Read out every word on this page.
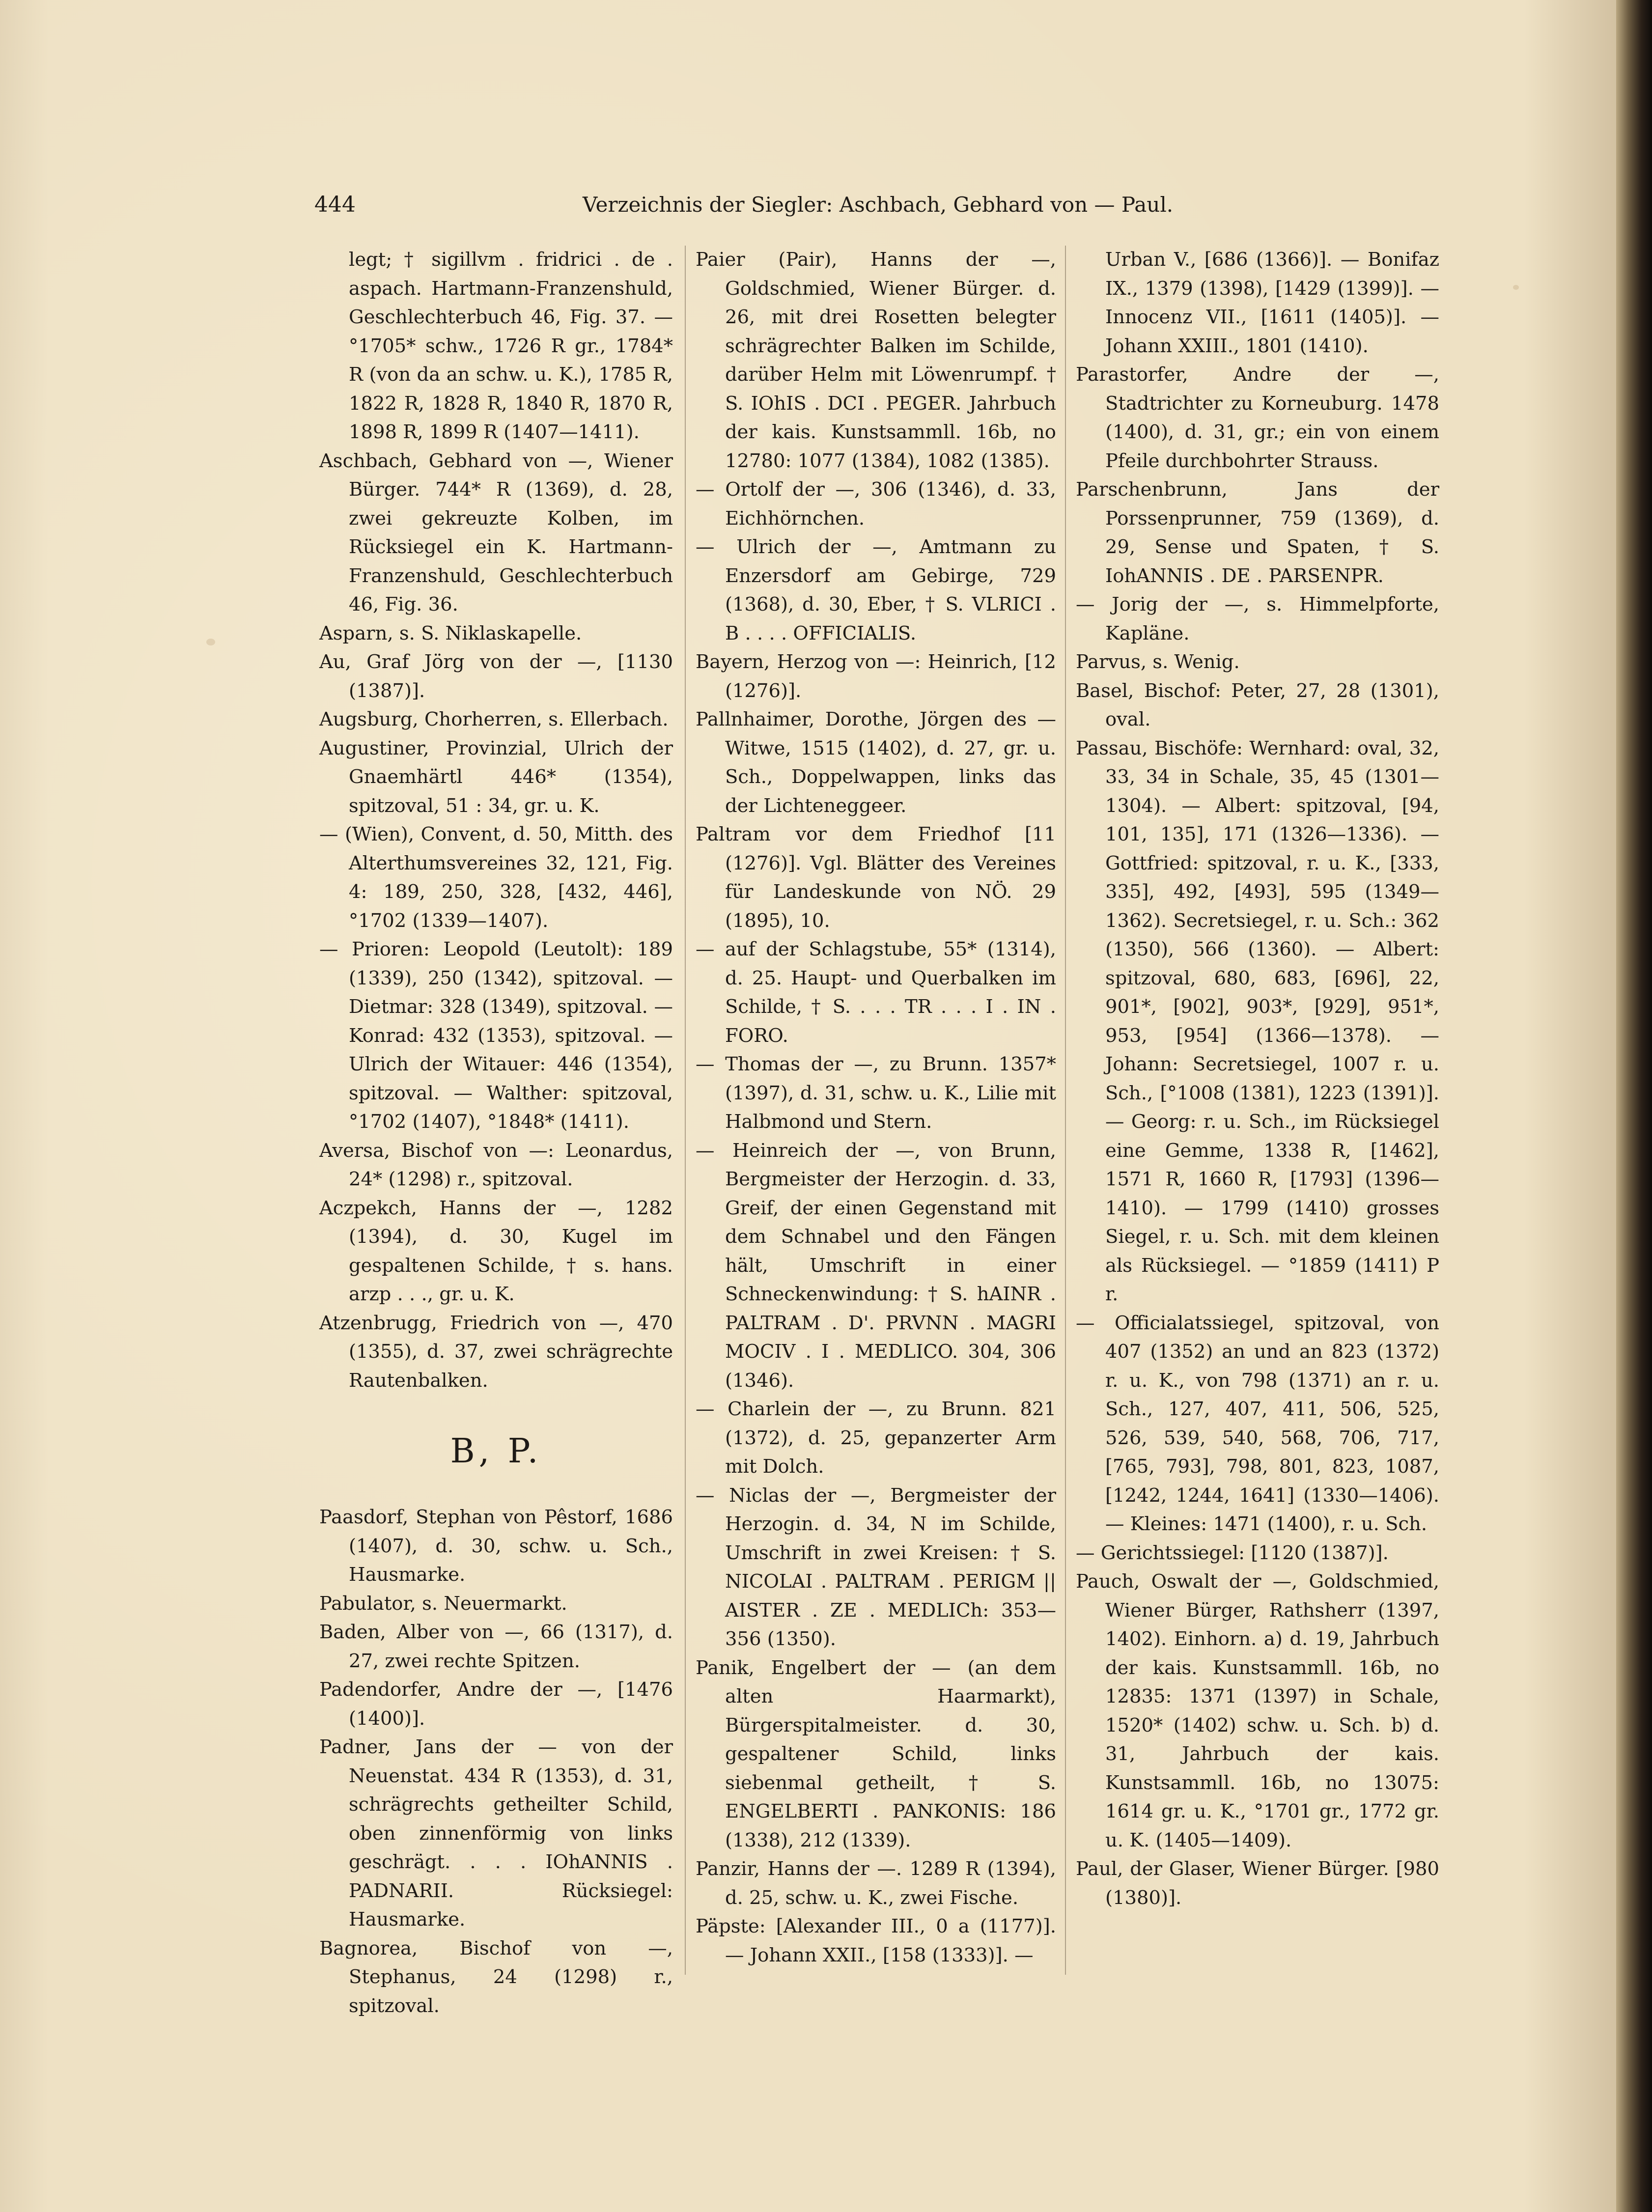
444	Verzeichnis der Siegler: Aschbach, Gebhard von — Paul.

legt; † sigillvm . fridrici . de . aspach. Hartmann-Franzenshuld, Geschlechterbuch 46, Fig. 37. — °1705* schw., 1726 R gr., 1784* R (von da an schw. u. K.), 1785 R, 1822 R, 1828 R, 1840 R, 1870 R, 1898 R, 1899 R (1407—1411).

Aschbach, Gebhard von —, Wiener Bürger. 744* R (1369), d. 28, zwei gekreuzte Kolben, im Rücksiegel ein K. Hartmann-Franzenshuld, Geschlechterbuch 46, Fig. 36.

Asparn, s. S. Niklaskapelle.

Au, Graf Jörg von der —, [1130 (1387)].

Augsburg, Chorherren, s. Ellerbach.

Augustiner, Provinzial, Ulrich der Gnaemhärtl 446* (1354), spitzoval, 51 : 34, gr. u. K.

— (Wien), Convent, d. 50, Mitth. des Alterthumsvereines 32, 121, Fig. 4: 189, 250, 328, [432, 446], °1702 (1339—1407).

— Prioren: Leopold (Leutolt): 189 (1339), 250 (1342), spitzoval. — Dietmar: 328 (1349), spitzoval. — Konrad: 432 (1353), spitzoval. — Ulrich der Witauer: 446 (1354), spitzoval. — Walther: spitzoval, °1702 (1407), °1848* (1411).

Aversa, Bischof von —: Leonardus, 24* (1298) r., spitzoval.

Aczpekch, Hanns der —, 1282 (1394), d. 30, Kugel im gespaltenen Schilde, † s. hans. arzp . . ., gr. u. K.

Atzenbrugg, Friedrich von —, 470 (1355), d. 37, zwei schrägrechte Rautenbalken.

B, P.

Paasdorf, Stephan von Pêstorf, 1686 (1407), d. 30, schw. u. Sch., Hausmarke.

Pabulator, s. Neuermarkt.

Baden, Alber von —, 66 (1317), d. 27, zwei rechte Spitzen.

Padendorfer, Andre der —, [1476 (1400)].

Padner, Jans der — von der Neuenstat. 434 R (1353), d. 31, schrägrechts getheilter Schild, oben zinnenförmig von links geschrägt. . . . IOhANNIS . PADNARII. Rücksiegel: Hausmarke.

Bagnorea, Bischof von —, Stephanus, 24 (1298) r., spitzoval.

Paier (Pair), Hanns der —, Goldschmied, Wiener Bürger. d. 26, mit drei Rosetten belegter schrägrechter Balken im Schilde, darüber Helm mit Löwenrumpf. † S. IOhIS . DCI . PEGER. Jahrbuch der kais. Kunstsammll. 16b, no 12780: 1077 (1384), 1082 (1385).

— Ortolf der —, 306 (1346), d. 33, Eichhörnchen.

— Ulrich der —, Amtmann zu Enzersdorf am Gebirge, 729 (1368), d. 30, Eber, † S. VLRICI . B . . . . OFFICIALIS.

Bayern, Herzog von —: Heinrich, [12 (1276)].

Pallnhaimer, Dorothe, Jörgen des — Witwe, 1515 (1402), d. 27, gr. u. Sch., Doppelwappen, links das der Lichteneggeer.

Paltram vor dem Friedhof [11 (1276)]. Vgl. Blätter des Vereines für Landeskunde von NÖ. 29 (1895), 10.

— auf der Schlagstube, 55* (1314), d. 25. Haupt- und Querbalken im Schilde, † S. . . . TR . . . I . IN . FORO.

— Thomas der —, zu Brunn. 1357* (1397), d. 31, schw. u. K., Lilie mit Halbmond und Stern.

— Heinreich der —, von Brunn, Bergmeister der Herzogin. d. 33, Greif, der einen Gegenstand mit dem Schnabel und den Fängen hält, Umschrift in einer Schneckenwindung: † S. hAINR . PALTRAM . D'. PRVNN . MAGRI MOCIV . I . MEDLICO. 304, 306 (1346).

— Charlein der —, zu Brunn. 821 (1372), d. 25, gepanzerter Arm mit Dolch.

— Niclas der —, Bergmeister der Herzogin. d. 34, N im Schilde, Umschrift in zwei Kreisen: † S. NICOLAI . PALTRAM . PERIGM || AISTER . ZE . MEDLICh: 353—356 (1350).

Panik, Engelbert der — (an dem alten Haarmarkt), Bürgerspitalmeister. d. 30, gespaltener Schild, links siebenmal getheilt, † S. ENGELBERTI . PANKONIS: 186 (1338), 212 (1339).

Panzir, Hanns der —. 1289 R (1394), d. 25, schw. u. K., zwei Fische.

Päpste: [Alexander III., 0 a (1177)]. — Johann XXII., [158 (1333)]. —

Urban V., [686 (1366)]. — Bonifaz IX., 1379 (1398), [1429 (1399)]. — Innocenz VII., [1611 (1405)]. — Johann XXIII., 1801 (1410).

Parastorfer, Andre der —, Stadtrichter zu Korneuburg. 1478 (1400), d. 31, gr.; ein von einem Pfeile durchbohrter Strauss.

Parschenbrunn, Jans der Porssenprunner, 759 (1369), d. 29, Sense und Spaten, † S. IohANNIS . DE . PARSENPR.

— Jorig der —, s. Himmelpforte, Kapläne.

Parvus, s. Wenig.

Basel, Bischof: Peter, 27, 28 (1301), oval.

Passau, Bischöfe: Wernhard: oval, 32, 33, 34 in Schale, 35, 45 (1301—1304). — Albert: spitzoval, [94, 101, 135], 171 (1326—1336). — Gottfried: spitzoval, r. u. K., [333, 335], 492, [493], 595 (1349—1362). Secretsiegel, r. u. Sch.: 362 (1350), 566 (1360). — Albert: spitzoval, 680, 683, [696], 22, 901*, [902], 903*, [929], 951*, 953, [954] (1366—1378). — Johann: Secretsiegel, 1007 r. u. Sch., [°1008 (1381), 1223 (1391)]. — Georg: r. u. Sch., im Rücksiegel eine Gemme, 1338 R, [1462], 1571 R, 1660 R, [1793] (1396—1410). — 1799 (1410) grosses Siegel, r. u. Sch. mit dem kleinen als Rücksiegel. — °1859 (1411) P r.

— Officialatssiegel, spitzoval, von 407 (1352) an und an 823 (1372) r. u. K., von 798 (1371) an r. u. Sch., 127, 407, 411, 506, 525, 526, 539, 540, 568, 706, 717, [765, 793], 798, 801, 823, 1087, [1242, 1244, 1641] (1330—1406). — Kleines: 1471 (1400), r. u. Sch.

— Gerichtssiegel: [1120 (1387)].

Pauch, Oswalt der —, Goldschmied, Wiener Bürger, Rathsherr (1397, 1402). Einhorn. a) d. 19, Jahrbuch der kais. Kunstsammll. 16b, no 12835: 1371 (1397) in Schale, 1520* (1402) schw. u. Sch. b) d. 31, Jahrbuch der kais. Kunstsammll. 16b, no 13075: 1614 gr. u. K., °1701 gr., 1772 gr. u. K. (1405—1409).

Paul, der Glaser, Wiener Bürger. [980 (1380)].
